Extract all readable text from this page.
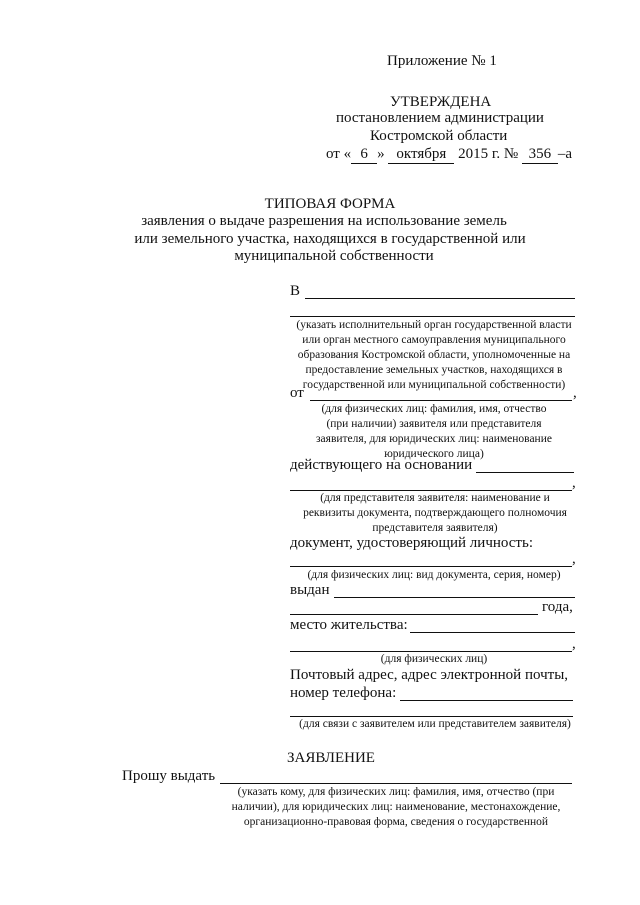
Приложение № 1
УТВЕРЖДЕНА
постановлением администрации
Костромской области
от « 6 » октября 2015 г. № 356 –а
ТИПОВАЯ ФОРМА
заявления о выдаче разрешения на использование земель
или земельного участка, находящихся в государственной или
муниципальной собственности
В
(указать исполнительный орган государственной власти
или орган местного самоуправления муниципального
образования Костромской области, уполномоченные на
предоставление земельных участков, находящихся в
государственной или муниципальной собственности)
от	,
(для физических лиц: фамилия, имя, отчество
(при наличии) заявителя или представителя
заявителя, для юридических лиц: наименование
юридического лица)
действующего на основании
,
(для представителя заявителя: наименование и
реквизиты документа, подтверждающего полномочия
представителя заявителя)
документ, удостоверяющий личность:
,
(для физических лиц: вид документа, серия, номер)
выдан
года,
место жительства:
,
(для физических лиц)
Почтовый адрес, адрес электронной почты,
номер телефона:
(для связи с заявителем или представителем заявителя)
ЗАЯВЛЕНИЕ
Прошу выдать
(указать кому, для физических лиц: фамилия, имя, отчество (при
наличии), для юридических лиц: наименование, местонахождение,
организационно-правовая форма, сведения о государственной
